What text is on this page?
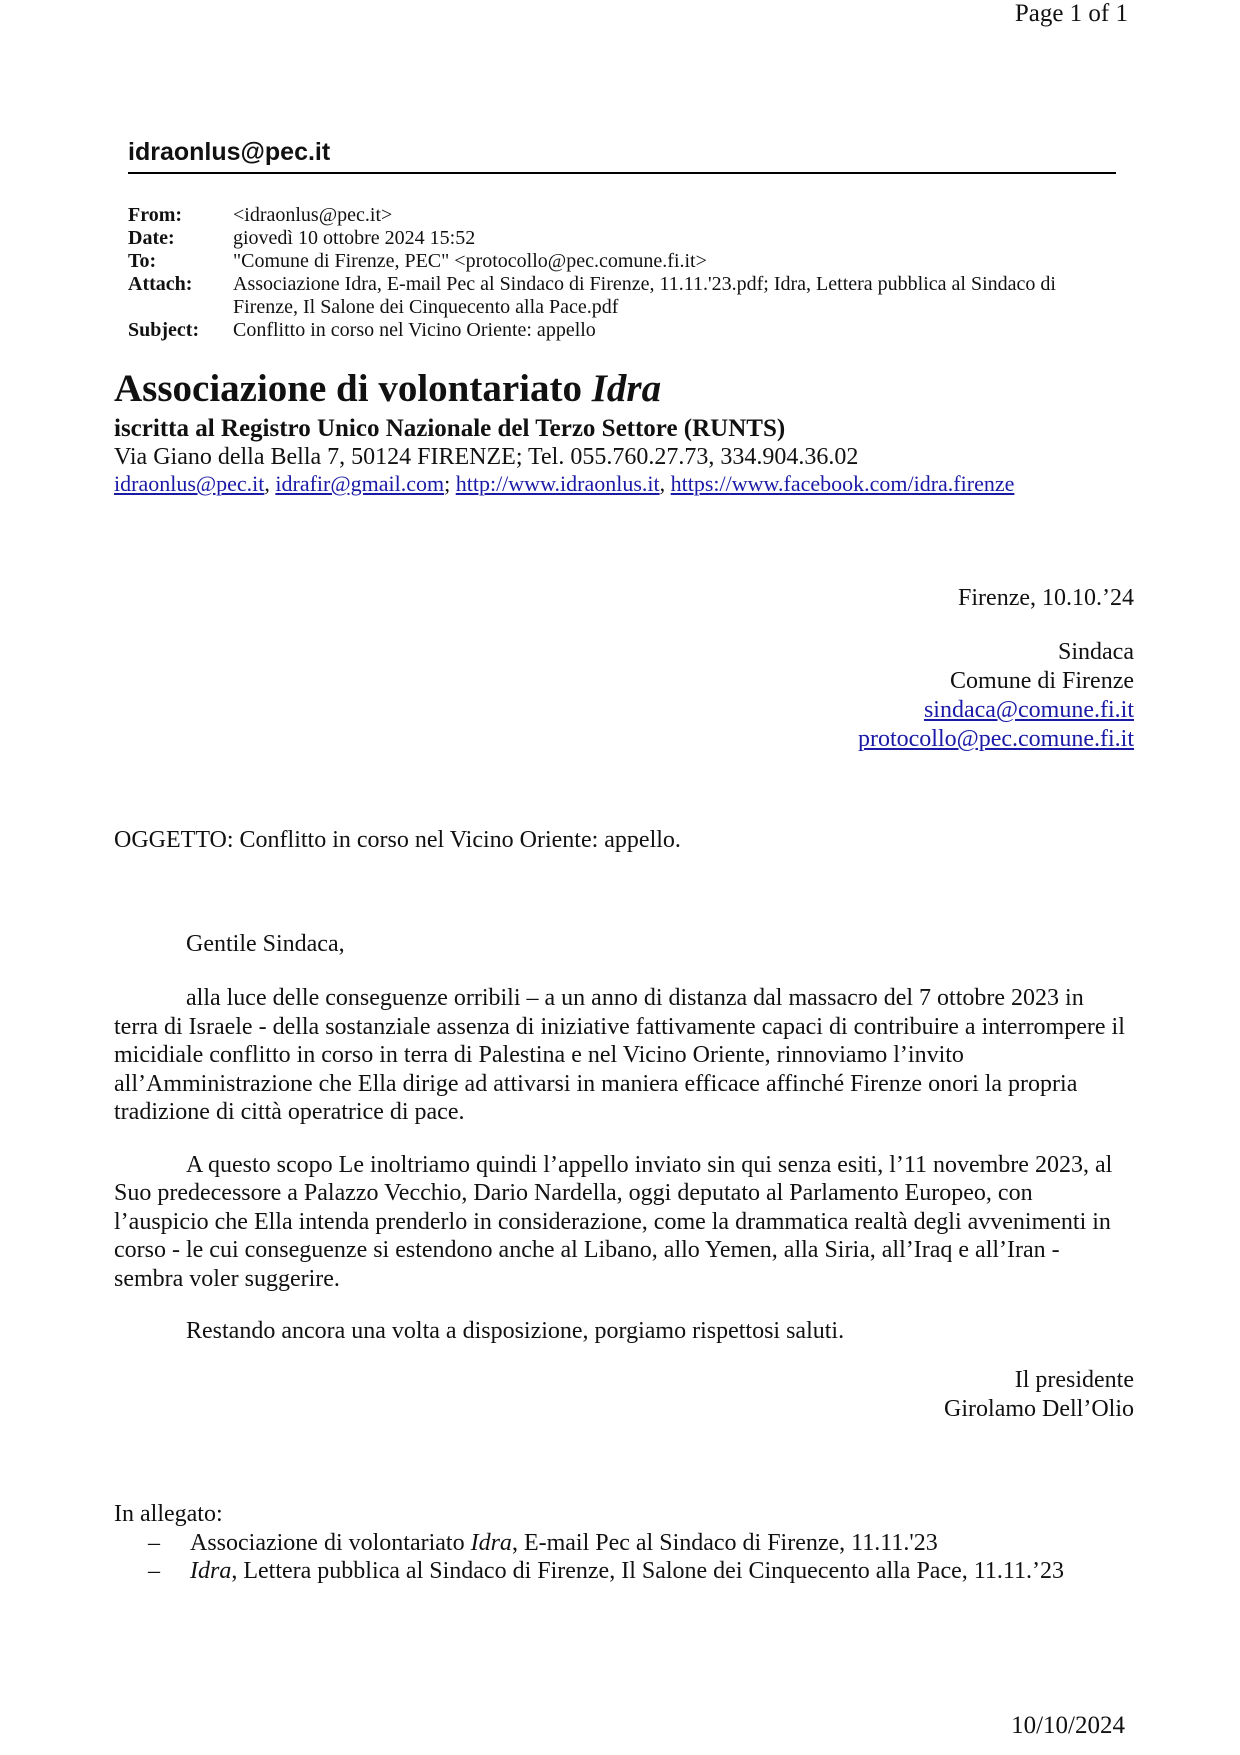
Page 1 of 1
idraonlus@pec.it
From:	<idraonlus@pec.it>
Date:	giovedì 10 ottobre 2024 15:52
To:	"Comune di Firenze, PEC" <protocollo@pec.comune.fi.it>
Attach:	Associazione Idra, E-mail Pec al Sindaco di Firenze, 11.11.'23.pdf; Idra, Lettera pubblica al Sindaco di Firenze, Il Salone dei Cinquecento alla Pace.pdf
Subject:	Conflitto in corso nel Vicino Oriente: appello
Associazione di volontariato Idra
iscritta al Registro Unico Nazionale del Terzo Settore (RUNTS)
Via Giano della Bella 7, 50124 FIRENZE; Tel. 055.760.27.73, 334.904.36.02
idraonlus@pec.it, idrafir@gmail.com; http://www.idraonlus.it, https://www.facebook.com/idra.firenze
Firenze, 10.10.’24
Sindaca
Comune di Firenze
sindaca@comune.fi.it
protocollo@pec.comune.fi.it
OGGETTO: Conflitto in corso nel Vicino Oriente: appello.
Gentile Sindaca,

alla luce delle conseguenze orribili – a un anno di distanza dal massacro del 7 ottobre 2023 in terra di Israele - della sostanziale assenza di iniziative fattivamente capaci di contribuire a interrompere il micidiale conflitto in corso in terra di Palestina e nel Vicino Oriente, rinnoviamo l’invito all’Amministrazione che Ella dirige ad attivarsi in maniera efficace affinché Firenze onori la propria tradizione di città operatrice di pace.

A questo scopo Le inoltriamo quindi l’appello inviato sin qui senza esiti, l’11 novembre 2023, al Suo predecessore a Palazzo Vecchio, Dario Nardella, oggi deputato al Parlamento Europeo, con l’auspicio che Ella intenda prenderlo in considerazione, come la drammatica realtà degli avvenimenti in corso - le cui conseguenze si estendono anche al Libano, allo Yemen, alla Siria, all’Iraq e all’Iran - sembra voler suggerire.

Restando ancora una volta a disposizione, porgiamo rispettosi saluti.

Il presidente
Girolamo Dell’Olio
In allegato:
– Associazione di volontariato Idra, E-mail Pec al Sindaco di Firenze, 11.11.'23
– Idra, Lettera pubblica al Sindaco di Firenze, Il Salone dei Cinquecento alla Pace, 11.11.’23
10/10/2024
